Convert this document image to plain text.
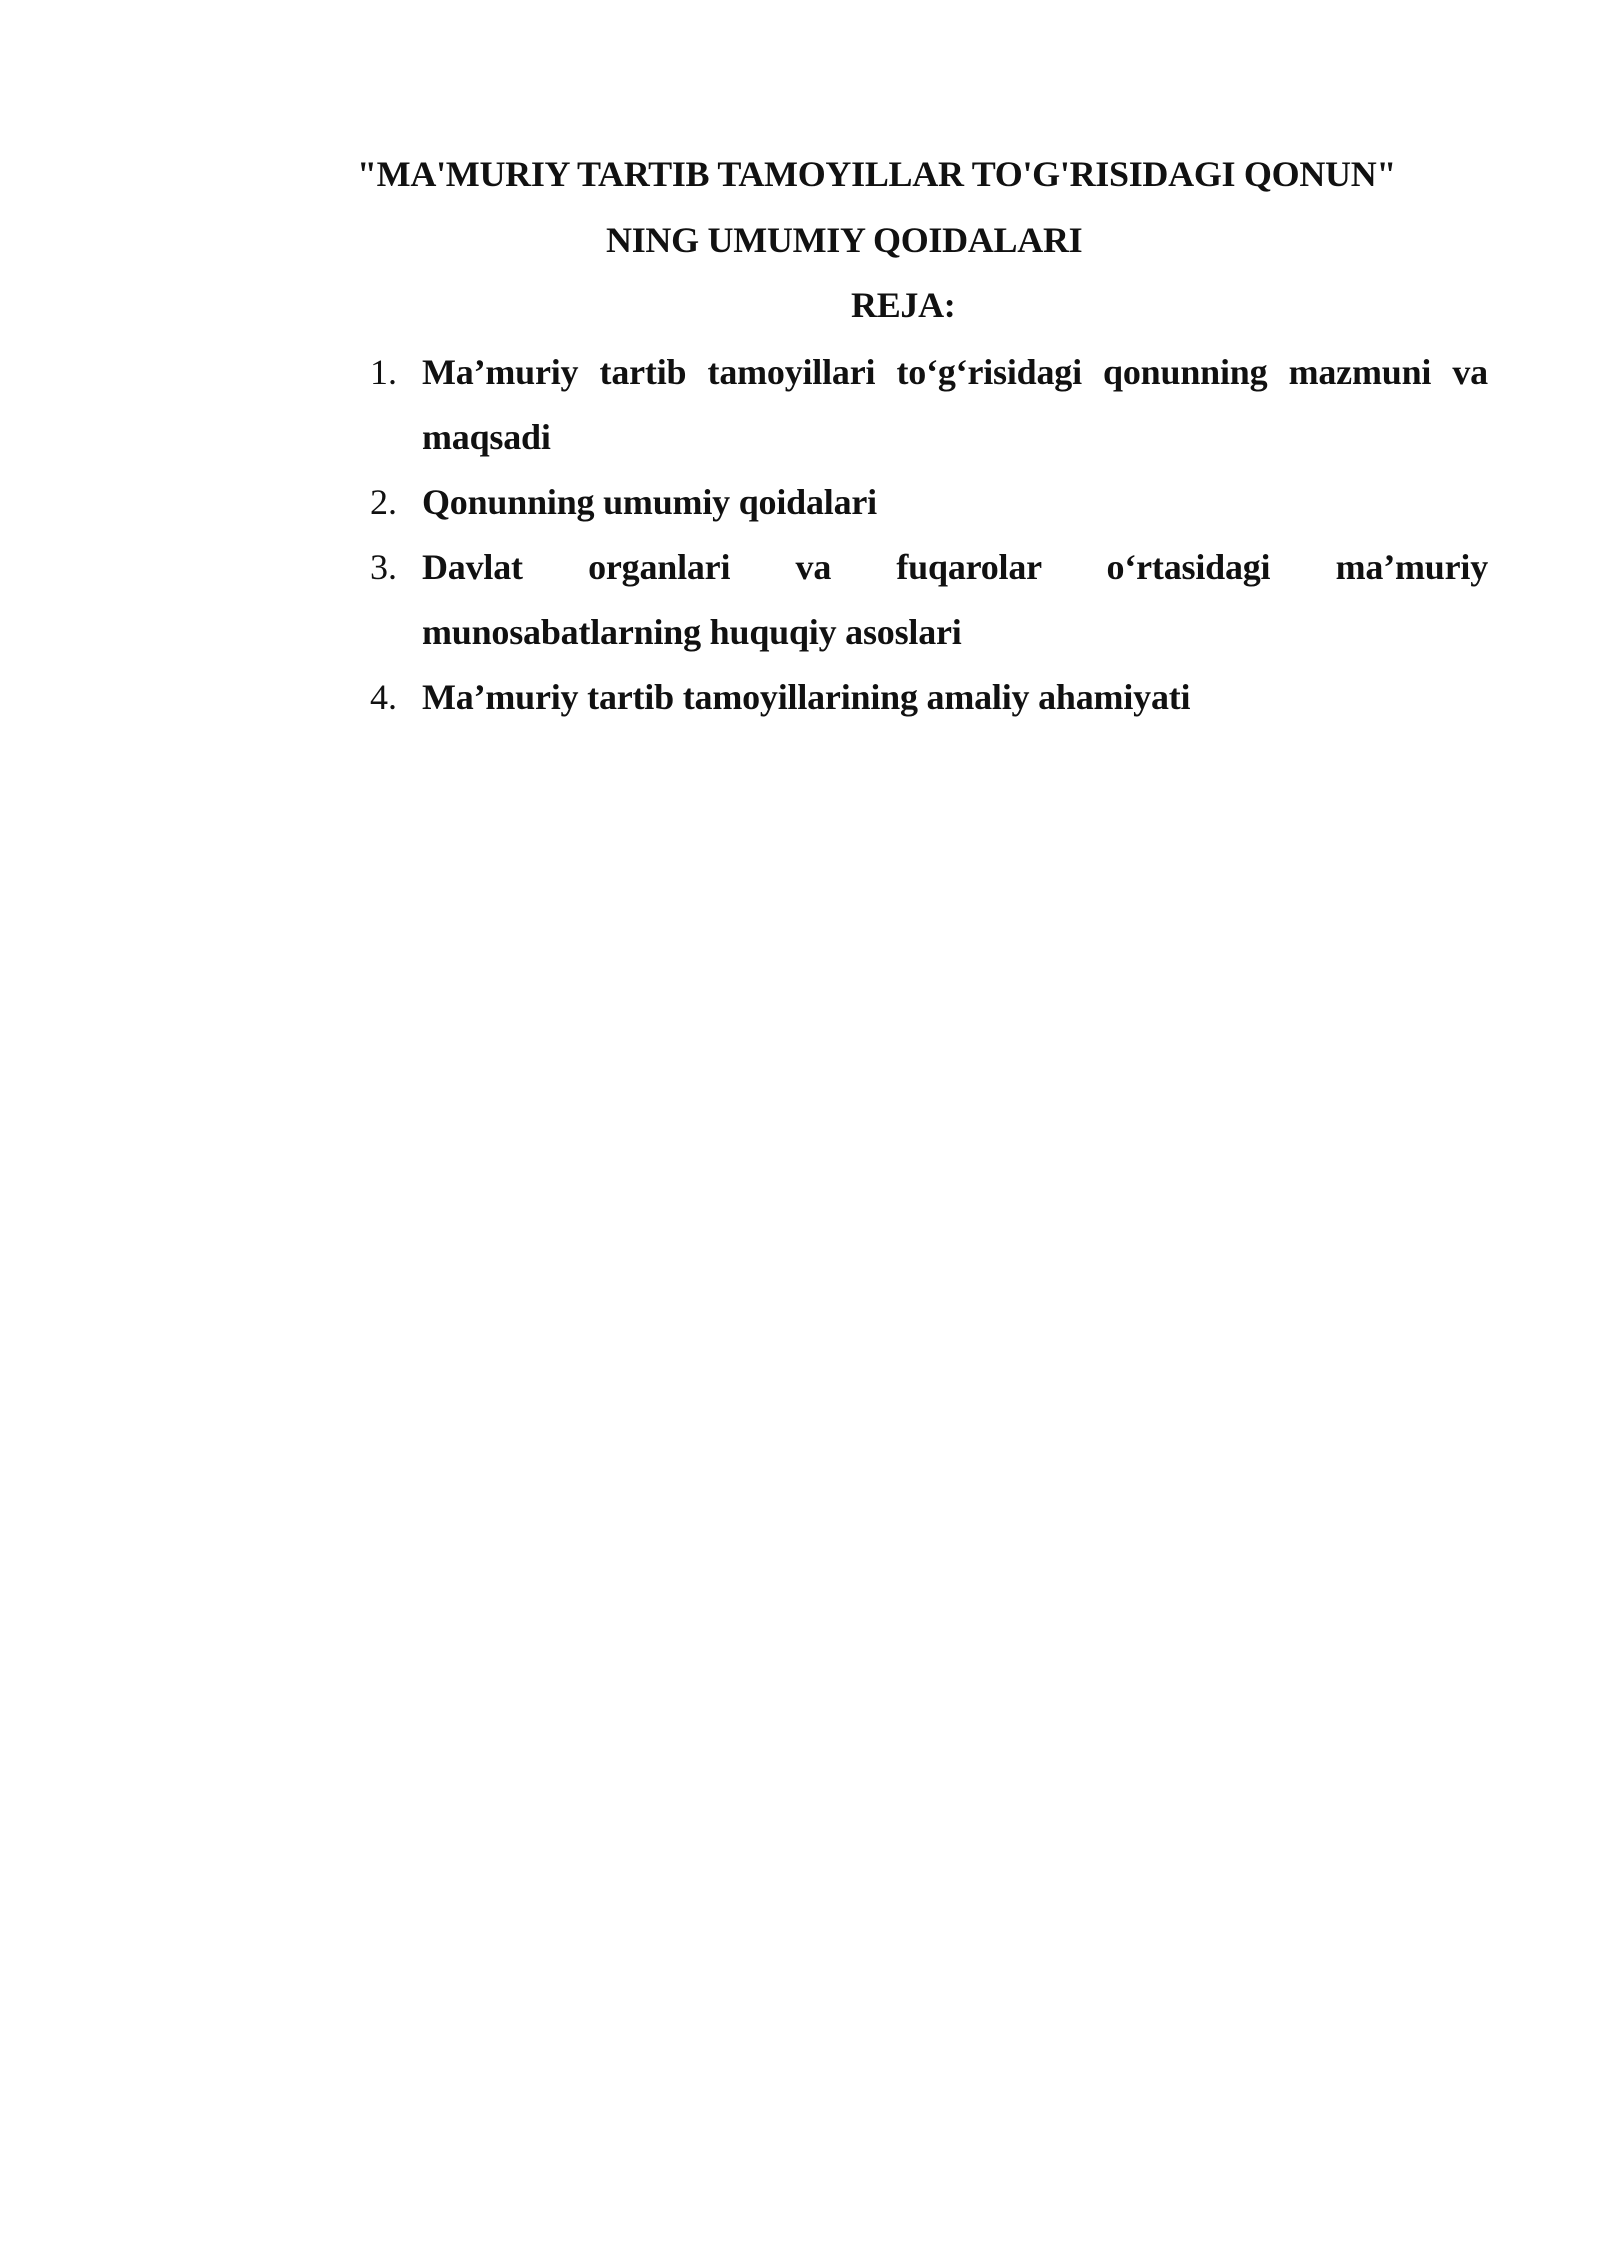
"MA'MURIY TARTIB TAMOYILLAR TO'G'RISIDAGI QONUN"
NING UMUMIY QOIDALARI
REJA:
1. Ma’muriy tartib tamoyillari to‘g‘risidagi qonunning mazmuni va maqsadi
2. Qonunning umumiy qoidalari
3. Davlat organlari va fuqarolar o‘rtasidagi ma’muriy munosabatlarning huquqiy asoslari
4. Ma’muriy tartib tamoyillarining amaliy ahamiyati
